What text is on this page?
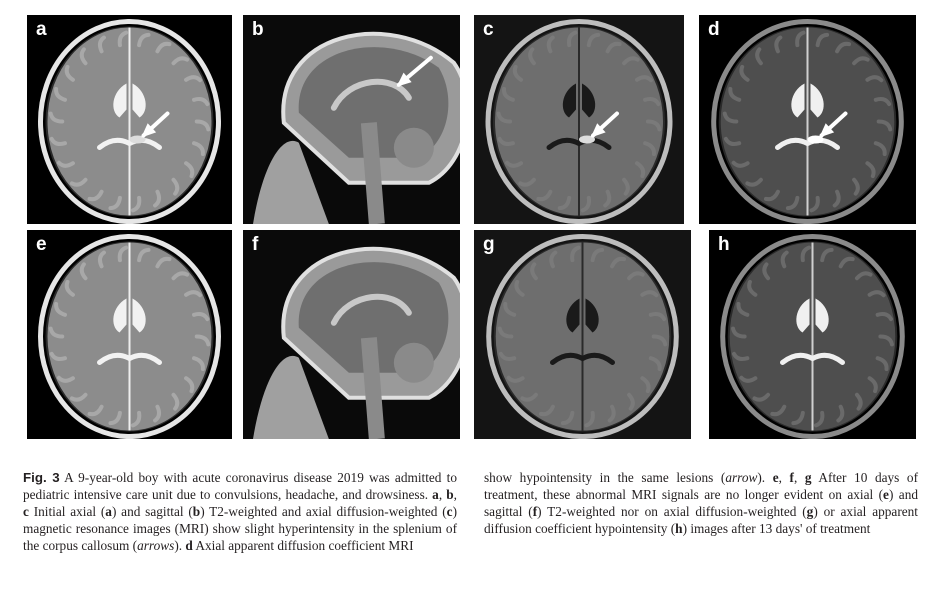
a	b	c	d
e	f	g	h

Fig. 3 A 9-year-old boy with acute coronavirus disease 2019 was admitted to pediatric intensive care unit due to convulsions, headache, and drowsiness. a, b, c Initial axial (a) and sagittal (b) T2-weighted and axial diffusion-weighted (c) magnetic resonance images (MRI) show slight hyperintensity in the splenium of the corpus callosum (arrows). d Axial apparent diffusion coefficient MRI

show hypointensity in the same lesions (arrow). e, f, g After 10 days of treatment, these abnormal MRI signals are no longer evident on axial (e) and sagittal (f) T2-weighted nor on axial diffusion-weighted (g) or axial apparent diffusion coefficient hypointensity (h) images after 13 days' of treatment
